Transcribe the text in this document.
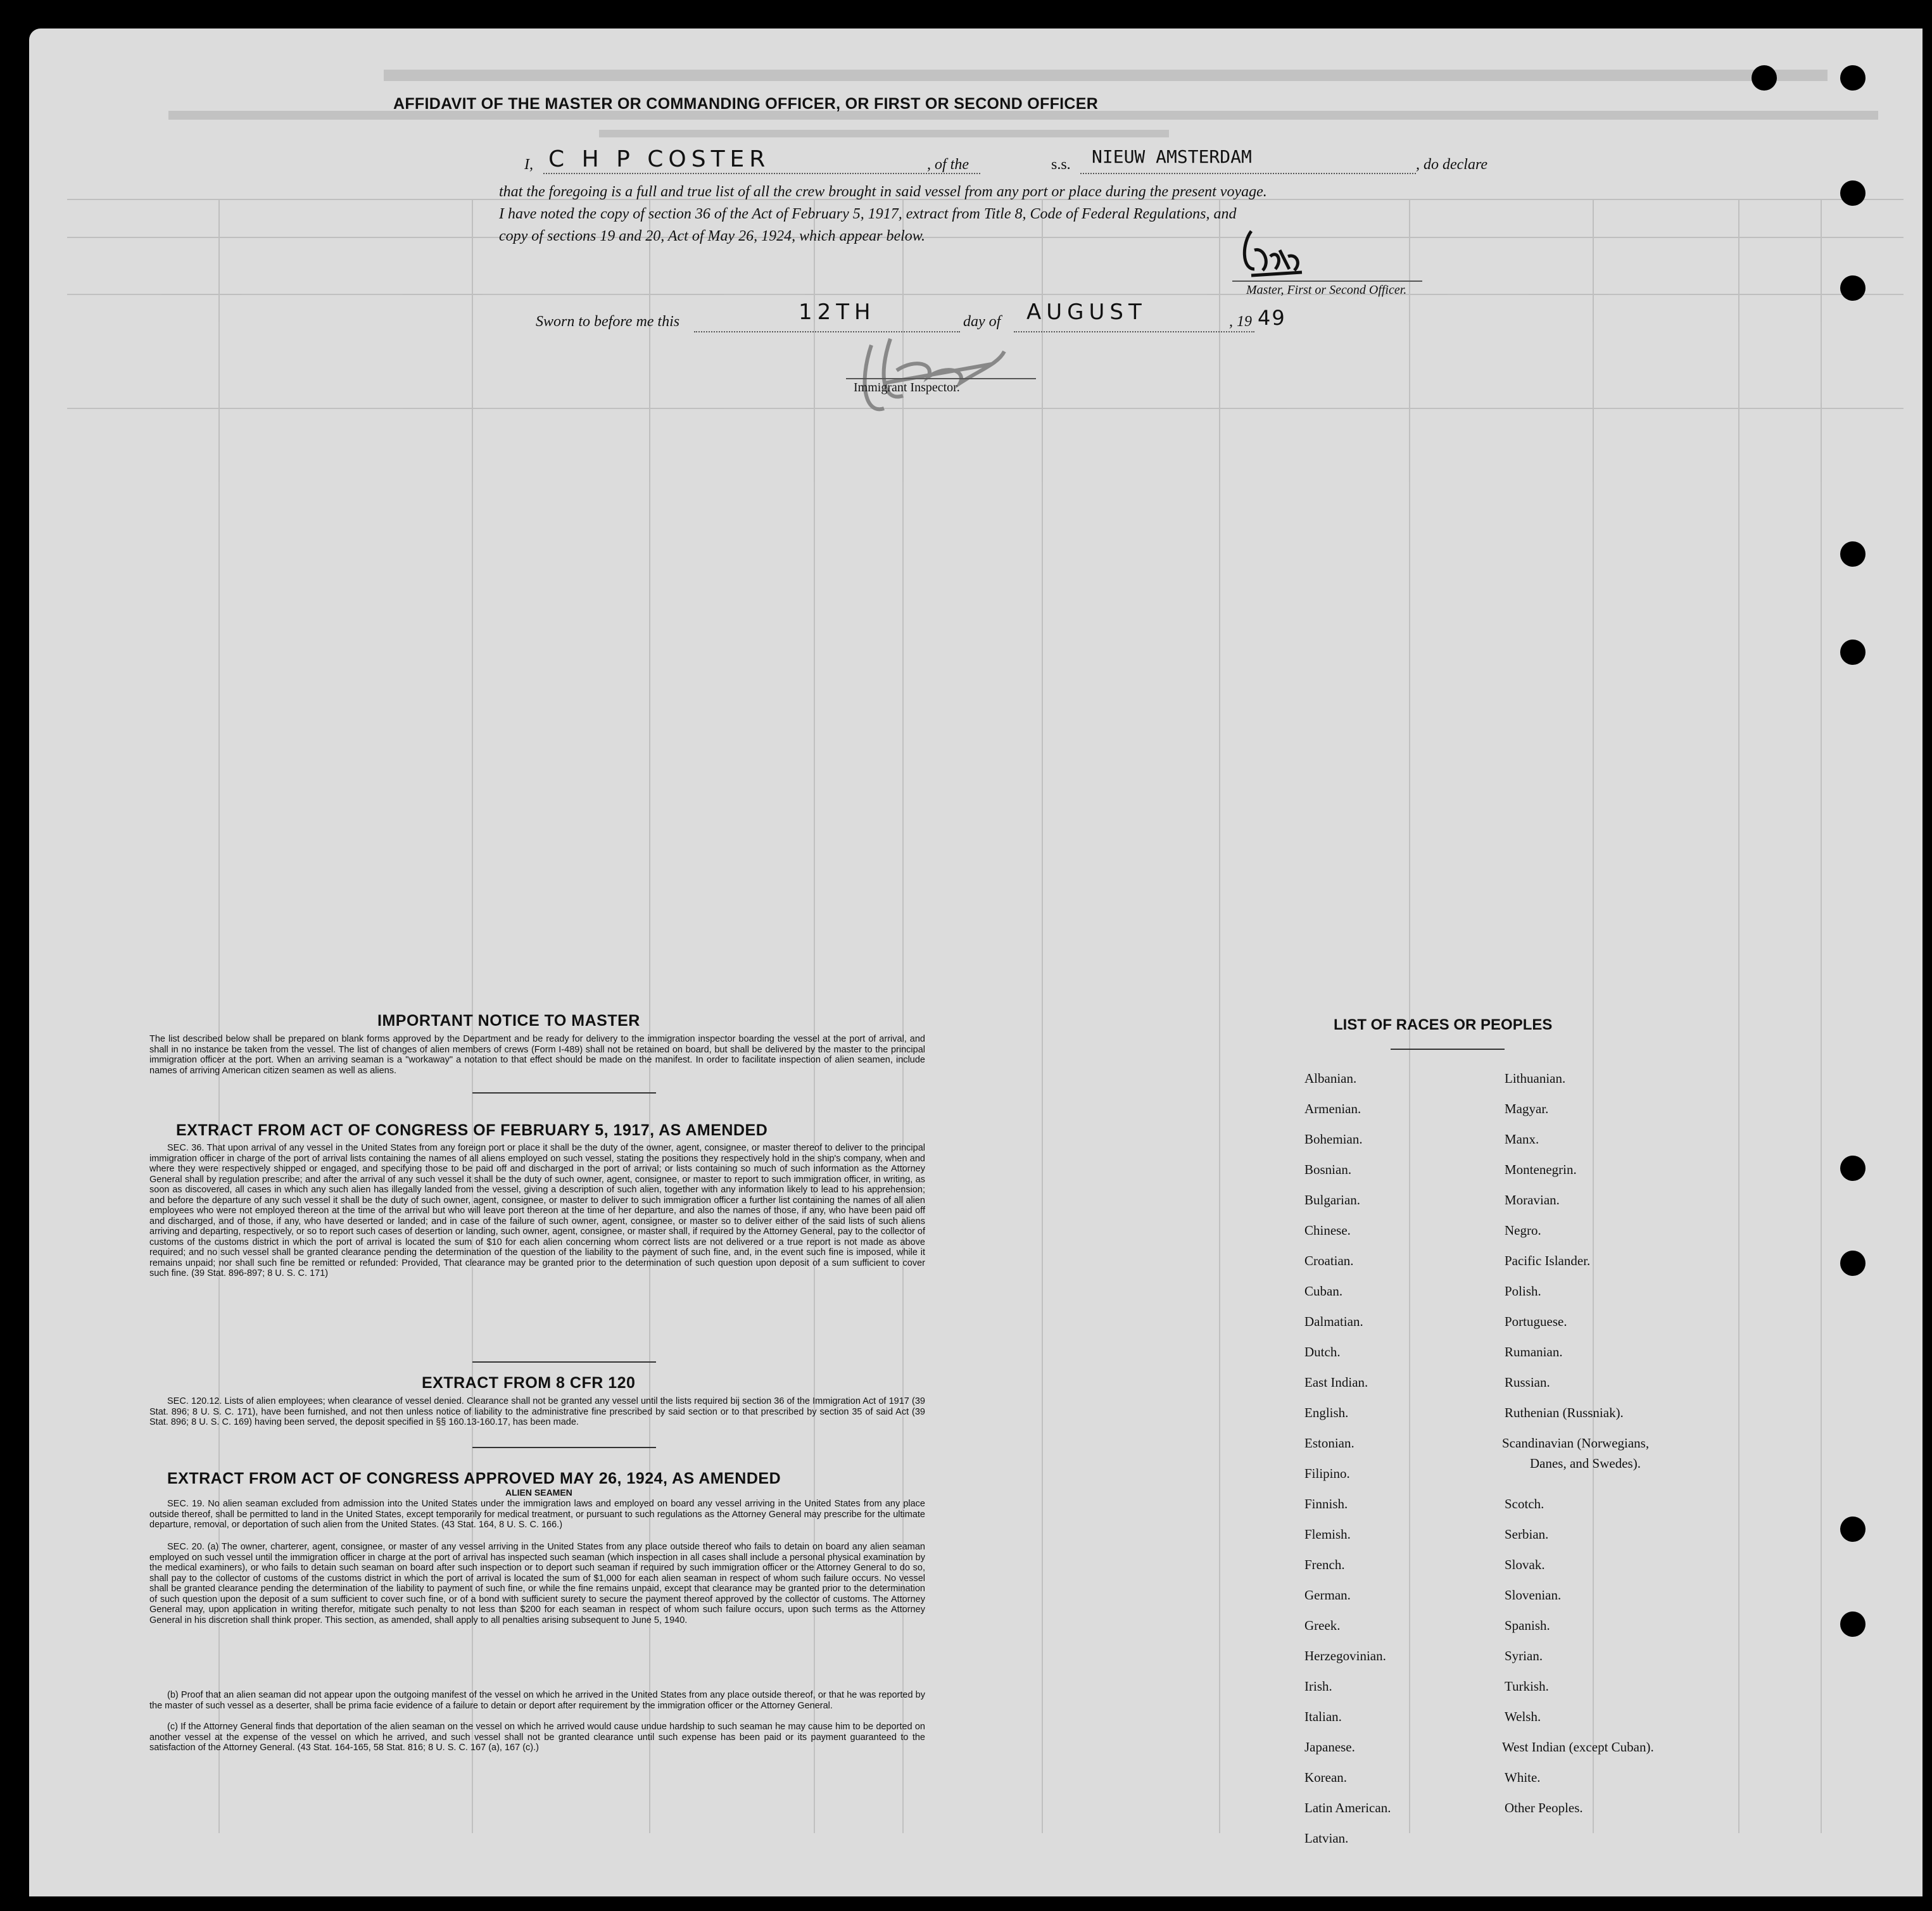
AFFIDAVIT OF THE MASTER OR COMMANDING OFFICER, OR FIRST OR SECOND OFFICER
I, C H P COSTER	, of the	s.s. NIEUW AMSTERDAM	, do declare
that the foregoing is a full and true list of all the crew brought in said vessel from any port or place during the present voyage.
I have noted the copy of section 36 of the Act of February 5, 1917, extract from Title 8, Code of Federal Regulations, and
copy of sections 19 and 20, Act of May 26, 1924, which appear below.
Master, First or Second Officer.
Sworn to before me this	12TH	day of AUGUST	, 19 49
Immigrant Inspector.
IMPORTANT NOTICE TO MASTER
The list described below shall be prepared on blank forms approved by the Department and be ready for delivery to the immigration inspector boarding the vessel at the port of arrival, and shall in no instance be taken from the vessel. The list of changes of alien members of crews (Form I-489) shall not be retained on board, but shall be delivered by the master to the principal immigration officer at the port. When an arriving seaman is a "workaway" a notation to that effect should be made on the manifest. In order to facilitate inspection of alien seamen, include names of arriving American citizen seamen as well as aliens.
EXTRACT FROM ACT OF CONGRESS OF FEBRUARY 5, 1917, AS AMENDED
SEC. 36. That upon arrival of any vessel in the United States from any foreign port or place it shall be the duty of the owner, agent, consignee, or master thereof to deliver to the principal immigration officer in charge of the port of arrival lists containing the names of all aliens employed on such vessel, stating the positions they respectively hold in the ship's company, when and where they were respectively shipped or engaged, and specifying those to be paid off and discharged in the port of arrival; or lists containing so much of such information as the Attorney General shall by regulation prescribe; and after the arrival of any such vessel it shall be the duty of such owner, agent, consignee, or master to report to such immigration officer, in writing, as soon as discovered, all cases in which any such alien has illegally landed from the vessel, giving a description of such alien, together with any information likely to lead to his apprehension; and before the departure of any such vessel it shall be the duty of such owner, agent, consignee, or master to deliver to such immigration officer a further list containing the names of all alien employees who were not employed thereon at the time of the arrival but who will leave port thereon at the time of her departure, and also the names of those, if any, who have been paid off and discharged, and of those, if any, who have deserted or landed; and in case of the failure of such owner, agent, consignee, or master so to deliver either of the said lists of such aliens arriving and departing, respectively, or so to report such cases of desertion or landing, such owner, agent, consignee, or master shall, if required by the Attorney General, pay to the collector of customs of the customs district in which the port of arrival is located the sum of $10 for each alien concerning whom correct lists are not delivered or a true report is not made as above required; and no such vessel shall be granted clearance pending the determination of the question of the liability to the payment of such fine, and, in the event such fine is imposed, while it remains unpaid; nor shall such fine be remitted or refunded: Provided, That clearance may be granted prior to the determination of such question upon deposit of a sum sufficient to cover such fine. (39 Stat. 896-897; 8 U. S. C. 171)
EXTRACT FROM 8 CFR 120
SEC. 120.12. Lists of alien employees; when clearance of vessel denied. Clearance shall not be granted any vessel until the lists required bij section 36 of the Immigration Act of 1917 (39 Stat. 896; 8 U. S. C. 171), have been furnished, and not then unless notice of liability to the administrative fine prescribed by said section or to that prescribed by section 35 of said Act (39 Stat. 896; 8 U. S. C. 169) having been served, the deposit specified in §§ 160.13-160.17, has been made.
EXTRACT FROM ACT OF CONGRESS APPROVED MAY 26, 1924, AS AMENDED
ALIEN SEAMEN
SEC. 19. No alien seaman excluded from admission into the United States under the immigration laws and employed on board any vessel arriving in the United States from any place outside thereof, shall be permitted to land in the United States, except temporarily for medical treatment, or pursuant to such regulations as the Attorney General may prescribe for the ultimate departure, removal, or deportation of such alien from the United States. (43 Stat. 164, 8 U. S. C. 166.)
SEC. 20. (a) The owner, charterer, agent, consignee, or master of any vessel arriving in the United States from any place outside thereof who fails to detain on board any alien seaman employed on such vessel until the immigration officer in charge at the port of arrival has inspected such seaman (which inspection in all cases shall include a personal physical examination by the medical examiners), or who fails to detain such seaman on board after such inspection or to deport such seaman if required by such immigration officer or the Attorney General to do so, shall pay to the collector of customs of the customs district in which the port of arrival is located the sum of $1,000 for each alien seaman in respect of whom such failure occurs. No vessel shall be granted clearance pending the determination of the liability to payment of such fine, or while the fine remains unpaid, except that clearance may be granted prior to the determination of such question upon the deposit of a sum sufficient to cover such fine, or of a bond with sufficient surety to secure the payment thereof approved by the collector of customs. The Attorney General may, upon application in writing therefor, mitigate such penalty to not less than $200 for each seaman in respect of whom such failure occurs, upon such terms as the Attorney General in his discretion shall think proper. This section, as amended, shall apply to all penalties arising subsequent to June 5, 1940.
(b) Proof that an alien seaman did not appear upon the outgoing manifest of the vessel on which he arrived in the United States from any place outside thereof, or that he was reported by the master of such vessel as a deserter, shall be prima facie evidence of a failure to detain or deport after requirement by the immigration officer or the Attorney General.
(c) If the Attorney General finds that deportation of the alien seaman on the vessel on which he arrived would cause undue hardship to such seaman he may cause him to be deported on another vessel at the expense of the vessel on which he arrived, and such vessel shall not be granted clearance until such expense has been paid or its payment guaranteed to the satisfaction of the Attorney General. (43 Stat. 164-165, 58 Stat. 816; 8 U. S. C. 167 (a), 167 (c).)
LIST OF RACES OR PEOPLES
Albanian.
Armenian.
Bohemian.
Bosnian.
Bulgarian.
Chinese.
Croatian.
Cuban.
Dalmatian.
Dutch.
East Indian.
English.
Estonian.
Filipino.
Finnish.
Flemish.
French.
German.
Greek.
Herzegovinian.
Irish.
Italian.
Japanese.
Korean.
Latin American.
Latvian.
Lithuanian.
Magyar.
Manx.
Montenegrin.
Moravian.
Negro.
Pacific Islander.
Polish.
Portuguese.
Rumanian.
Russian.
Ruthenian (Russniak).
Scandinavian (Norwegians,
Danes, and Swedes).
Scotch.
Serbian.
Slovak.
Slovenian.
Spanish.
Syrian.
Turkish.
Welsh.
West Indian (except Cuban).
White.
Other Peoples.
